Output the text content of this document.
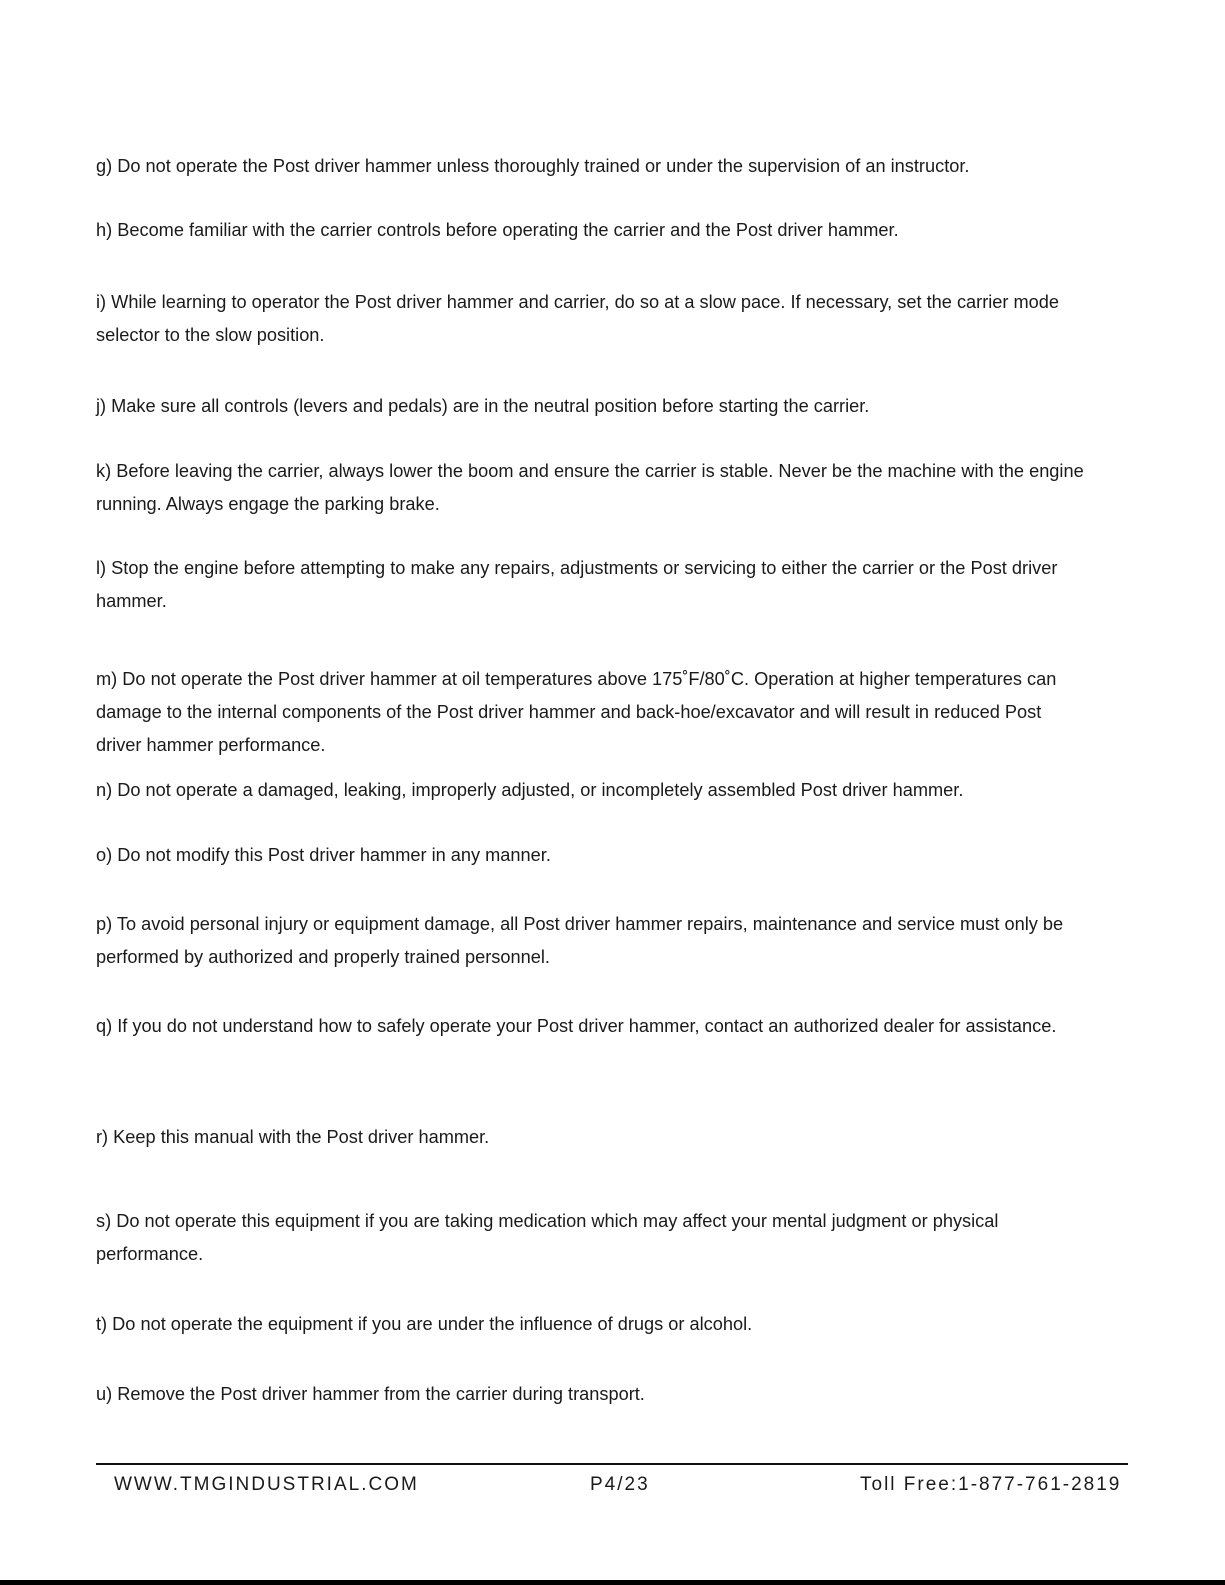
g) Do not operate the Post driver hammer unless thoroughly trained or under the supervision of an instructor.

h) Become familiar with the carrier controls before operating the carrier and the Post driver hammer.

i) While learning to operator the Post driver hammer and carrier, do so at a slow pace. If necessary, set the carrier mode selector to the slow position.

j) Make sure all controls (levers and pedals) are in the neutral position before starting the carrier.

k) Before leaving the carrier, always lower the boom and ensure the carrier is stable. Never be the machine with the engine running. Always engage the parking brake.

l) Stop the engine before attempting to make any repairs, adjustments or servicing to either the carrier or the Post driver hammer.

m) Do not operate the Post driver hammer at oil temperatures above 175˚F/80˚C. Operation at higher temperatures can damage to the internal components of the Post driver hammer and back-hoe/excavator and will result in reduced Post driver hammer performance.

n) Do not operate a damaged, leaking, improperly adjusted, or incompletely assembled Post driver hammer.

o) Do not modify this Post driver hammer in any manner.

p) To avoid personal injury or equipment damage, all Post driver hammer repairs, maintenance and service must only be performed by authorized and properly trained personnel.

q) If you do not understand how to safely operate your Post driver hammer, contact an authorized dealer for assistance.

r) Keep this manual with the Post driver hammer.

s) Do not operate this equipment if you are taking medication which may affect your mental judgment or physical performance.

t) Do not operate the equipment if you are under the influence of drugs or alcohol.

u) Remove the Post driver hammer from the carrier during transport.

WWW.TMGINDUSTRIAL.COM	P4/23	Toll Free:1-877-761-2819
